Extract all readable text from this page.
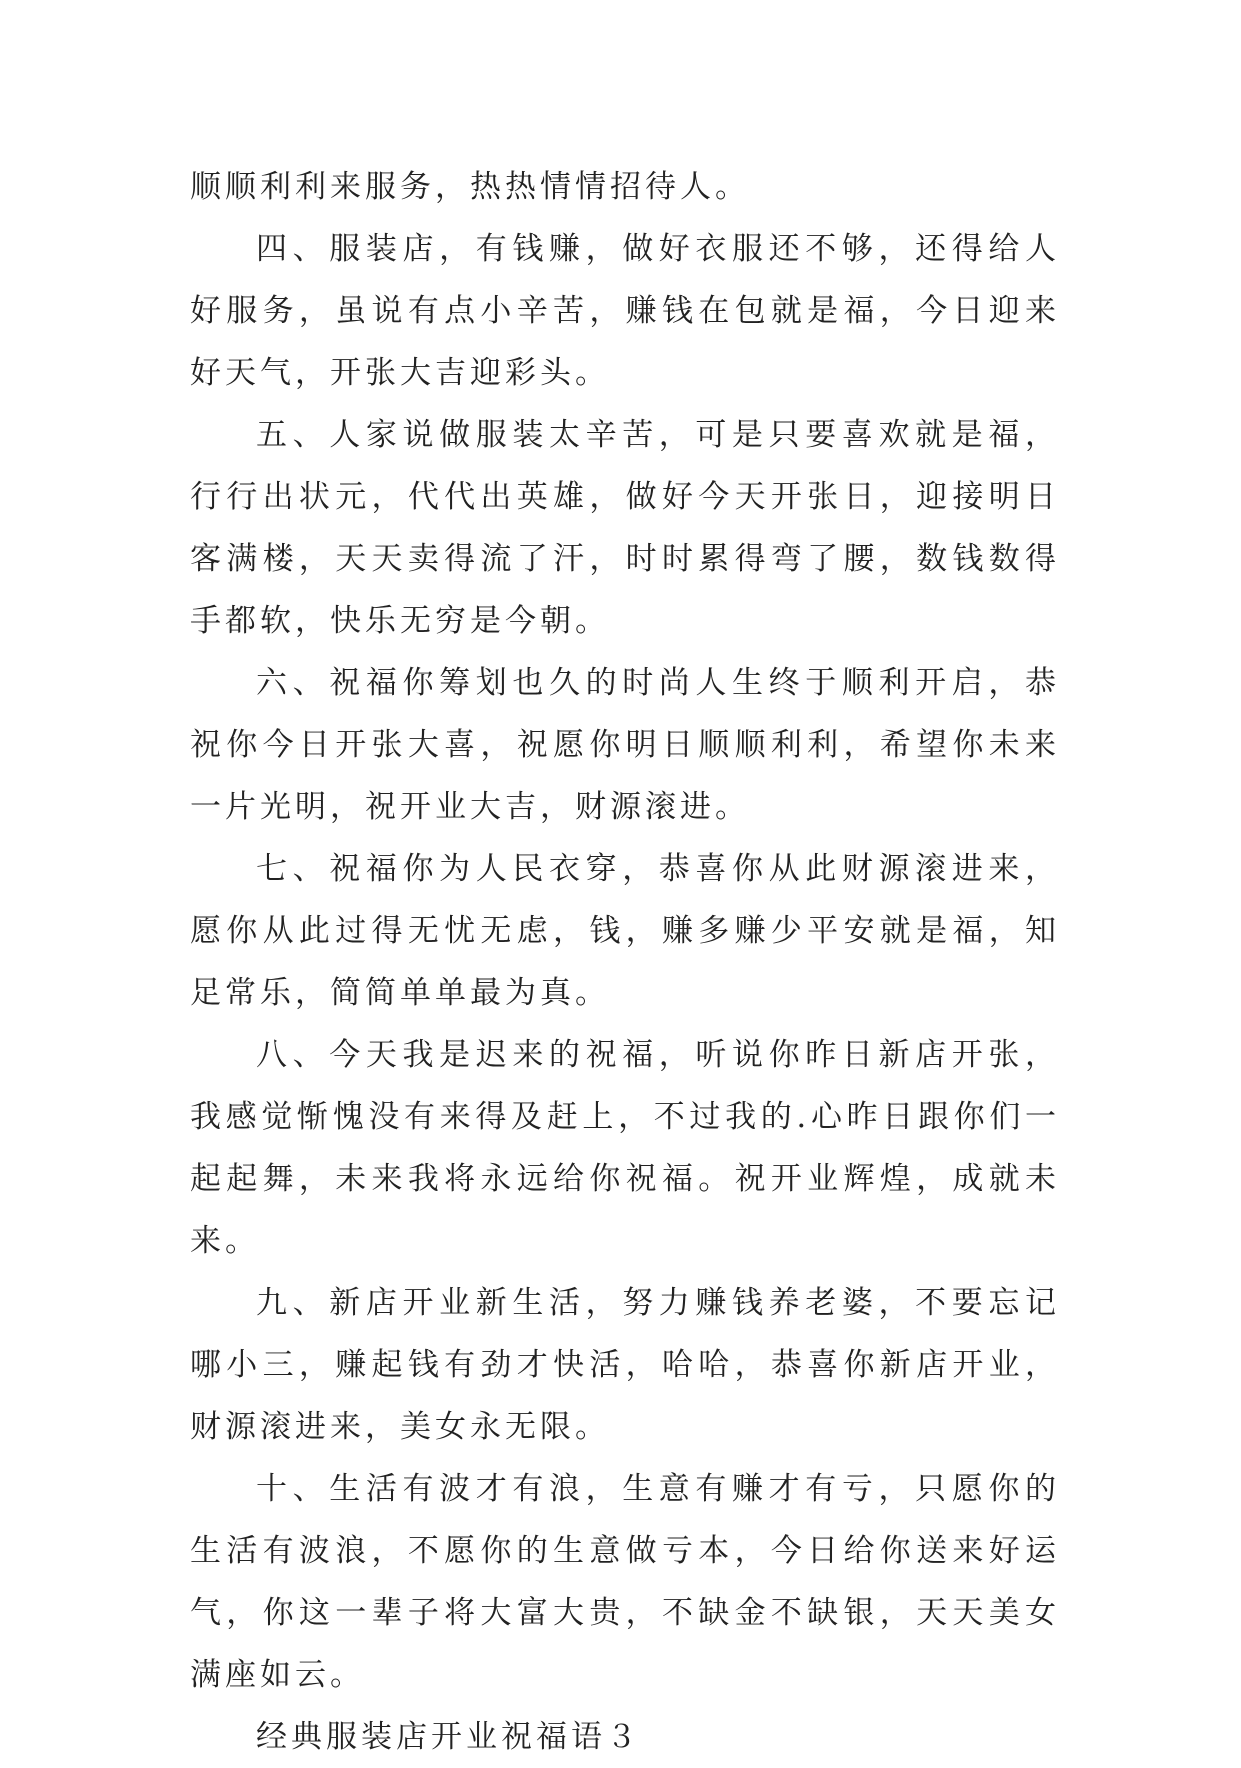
顺顺利利来服务，热热情情招待人。

四、服装店，有钱赚，做好衣服还不够，还得给人好服务，虽说有点小辛苦，赚钱在包就是福，今日迎来好天气，开张大吉迎彩头。

五、人家说做服装太辛苦，可是只要喜欢就是福，行行出状元，代代出英雄，做好今天开张日，迎接明日客满楼，天天卖得流了汗，时时累得弯了腰，数钱数得手都软，快乐无穷是今朝。

六、祝福你筹划也久的时尚人生终于顺利开启，恭祝你今日开张大喜，祝愿你明日顺顺利利，希望你未来一片光明，祝开业大吉，财源滚进。

七、祝福你为人民衣穿，恭喜你从此财源滚进来，愿你从此过得无忧无虑，钱，赚多赚少平安就是福，知足常乐，简简单单最为真。

八、今天我是迟来的祝福，听说你昨日新店开张，我感觉惭愧没有来得及赶上，不过我的.心昨日跟你们一起起舞，未来我将永远给你祝福。祝开业辉煌，成就未来。

九、新店开业新生活，努力赚钱养老婆，不要忘记哪小三，赚起钱有劲才快活，哈哈，恭喜你新店开业，财源滚进来，美女永无限。

十、生活有波才有浪，生意有赚才有亏，只愿你的生活有波浪，不愿你的生意做亏本，今日给你送来好运气，你这一辈子将大富大贵，不缺金不缺银，天天美女满座如云。

经典服装店开业祝福语３
